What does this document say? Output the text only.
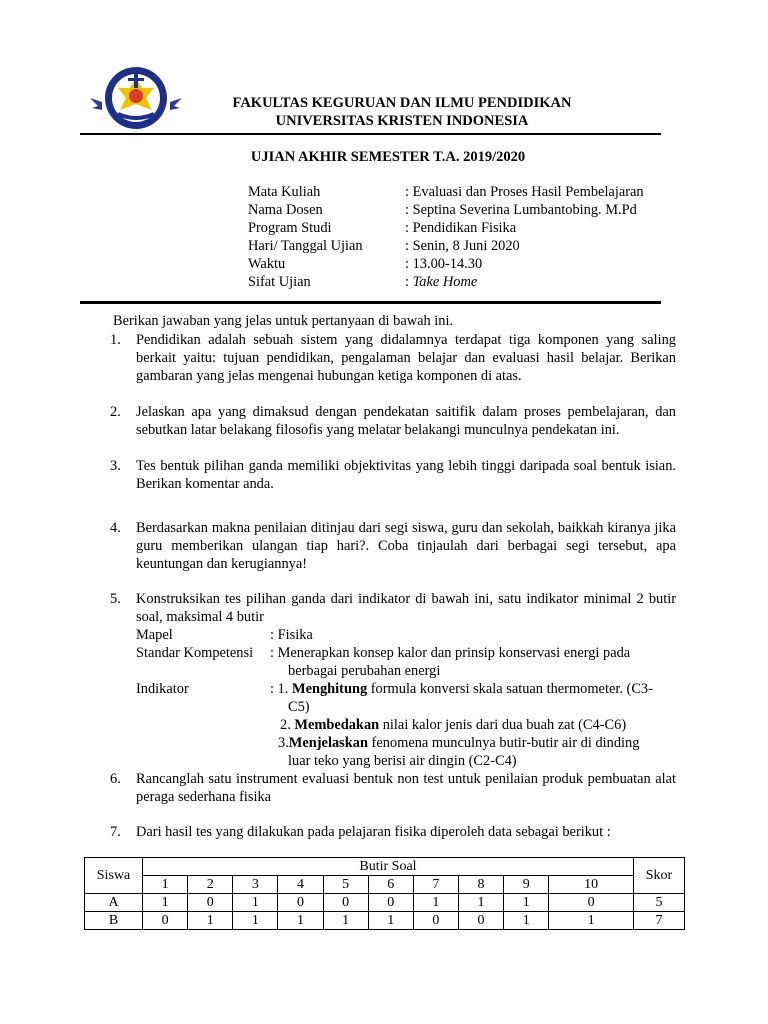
FAKULTAS KEGURUAN DAN ILMU PENDIDIKAN
UNIVERSITAS KRISTEN INDONESIA
UJIAN AKHIR SEMESTER T.A. 2019/2020
Mata Kuliah	: Evaluasi dan Proses Hasil Pembelajaran
Nama Dosen	: Septina Severina Lumbantobing. M.Pd
Program Studi	: Pendidikan Fisika
Hari/ Tanggal Ujian	: Senin, 8 Juni 2020
Waktu	: 13.00-14.30
Sifat Ujian	: Take Home
Berikan jawaban yang jelas untuk pertanyaan di bawah ini.
1. Pendidikan adalah sebuah sistem yang didalamnya terdapat tiga komponen yang saling berkait yaitu: tujuan pendidikan, pengalaman belajar dan evaluasi hasil belajar. Berikan gambaran yang jelas mengenai hubungan ketiga komponen di atas.
2. Jelaskan apa yang dimaksud dengan pendekatan saitifik dalam proses pembelajaran, dan sebutkan latar belakang filosofis yang melatar belakangi munculnya pendekatan ini.
3. Tes bentuk pilihan ganda memiliki objektivitas yang lebih tinggi daripada soal bentuk isian. Berikan komentar anda.
4. Berdasarkan makna penilaian ditinjau dari segi siswa, guru dan sekolah, baikkah kiranya jika guru memberikan ulangan tiap hari?. Coba tinjaulah dari berbagai segi tersebut, apa keuntungan dan kerugiannya!
5. Konstruksikan tes pilihan ganda dari indikator di bawah ini, satu indikator minimal 2 butir soal, maksimal 4 butir
Mapel	: Fisika
Standar Kompetensi : Menerapkan konsep kalor dan prinsip konservasi energi pada
berbagai perubahan energi
Indikator	: 1. Menghitung formula konversi skala satuan thermometer. (C3-
C5)
2. Membedakan nilai kalor jenis dari dua buah zat (C4-C6)
3.Menjelaskan fenomena munculnya butir-butir air di dinding
luar teko yang berisi air dingin (C2-C4)
6. Rancanglah satu instrument evaluasi bentuk non test untuk penilaian produk pembuatan alat peraga sederhana fisika
7. Dari hasil tes yang dilakukan pada pelajaran fisika diperoleh data sebagai berikut :
Siswa	Butir Soal										Skor
	1	2	3	4	5	6	7	8	9	10	
A	1	0	1	0	0	0	1	1	1	0	5
B	0	1	1	1	1	1	0	0	1	1	7
